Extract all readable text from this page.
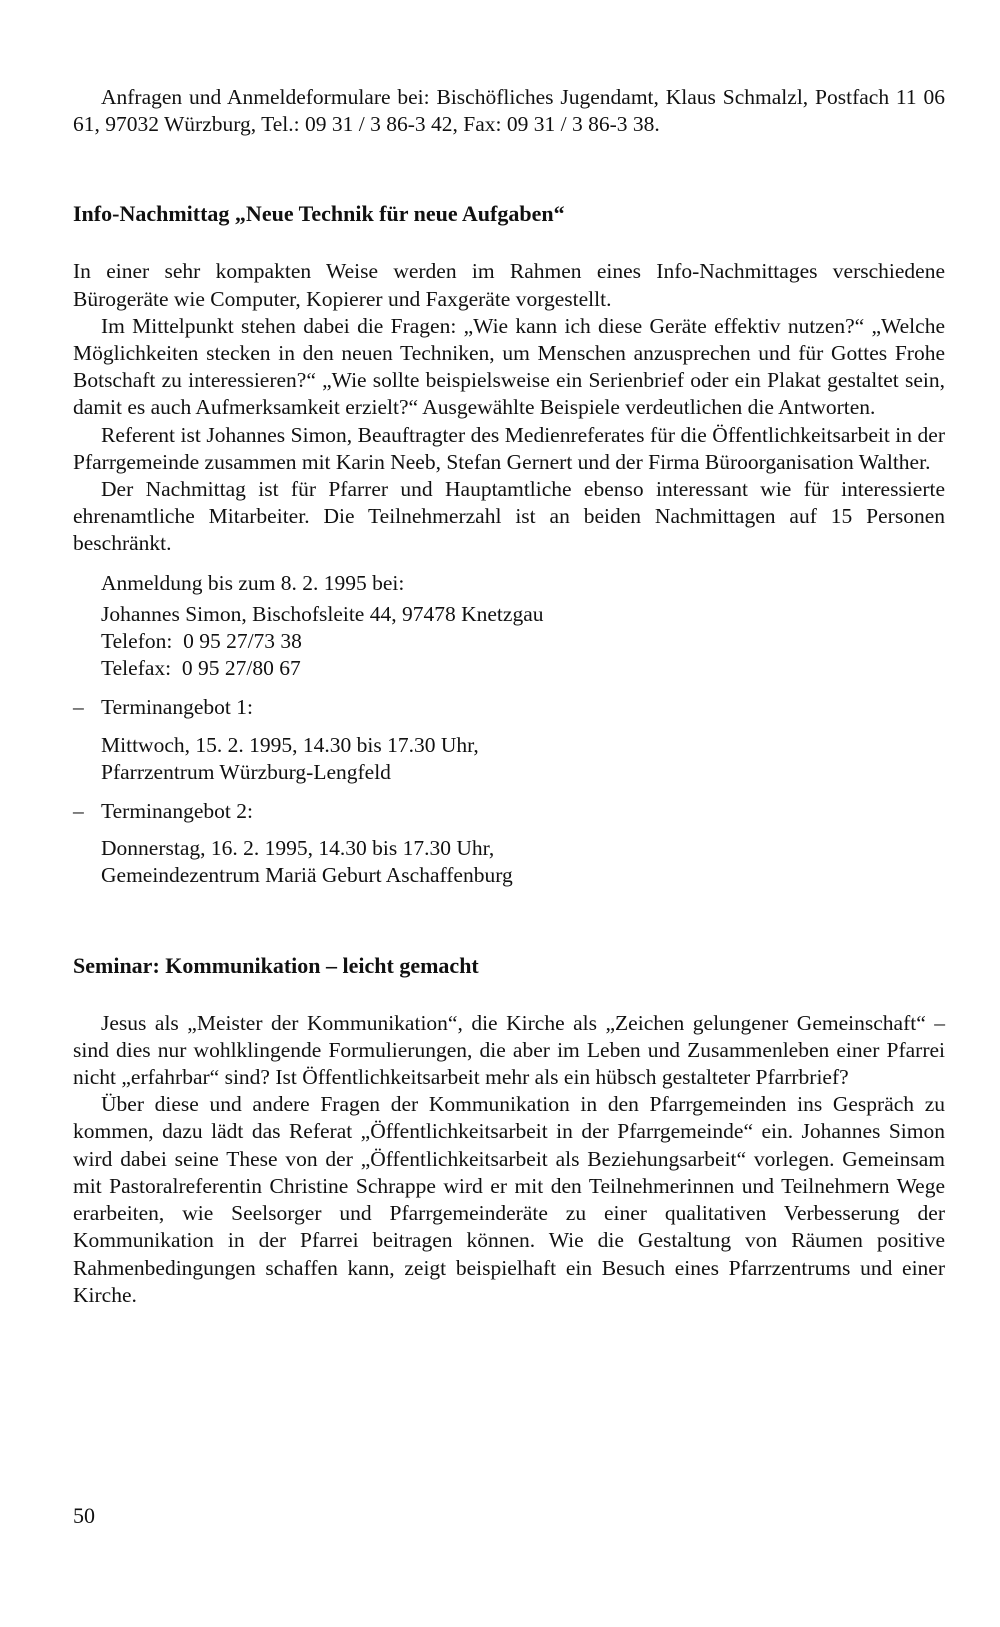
Anfragen und Anmeldeformulare bei: Bischöfliches Jugendamt, Klaus Schmalzl, Postfach 11 06 61, 97032 Würzburg, Tel.: 09 31 / 3 86-3 42, Fax: 09 31 / 3 86-3 38.

Info-Nachmittag „Neue Technik für neue Aufgaben“

In einer sehr kompakten Weise werden im Rahmen eines Info-Nachmittages verschiedene Bürogeräte wie Computer, Kopierer und Faxgeräte vorgestellt.

Im Mittelpunkt stehen dabei die Fragen: „Wie kann ich diese Geräte effektiv nutzen?“ „Welche Möglichkeiten stecken in den neuen Techniken, um Menschen anzusprechen und für Gottes Frohe Botschaft zu interessieren?“ „Wie sollte beispielsweise ein Serienbrief oder ein Plakat gestaltet sein, damit es auch Aufmerksamkeit erzielt?“ Ausgewählte Beispiele verdeutlichen die Antworten.

Referent ist Johannes Simon, Beauftragter des Medienreferates für die Öffentlichkeitsarbeit in der Pfarrgemeinde zusammen mit Karin Neeb, Stefan Gernert und der Firma Büroorganisation Walther.

Der Nachmittag ist für Pfarrer und Hauptamtliche ebenso interessant wie für interessierte ehrenamtliche Mitarbeiter. Die Teilnehmerzahl ist an beiden Nachmittagen auf 15 Personen beschränkt.

Anmeldung bis zum 8. 2. 1995 bei:
Johannes Simon, Bischofsleite 44, 97478 Knetzgau
Telefon:  0 95 27/73 38
Telefax:  0 95 27/80 67
– Terminangebot 1:
Mittwoch, 15. 2. 1995, 14.30 bis 17.30 Uhr,
Pfarrzentrum Würzburg-Lengfeld
– Terminangebot 2:
Donnerstag, 16. 2. 1995, 14.30 bis 17.30 Uhr,
Gemeindezentrum Mariä Geburt Aschaffenburg
Seminar: Kommunikation – leicht gemacht

Jesus als „Meister der Kommunikation“, die Kirche als „Zeichen gelungener Gemeinschaft“ – sind dies nur wohlklingende Formulierungen, die aber im Leben und Zusammenleben einer Pfarrei nicht „erfahrbar“ sind? Ist Öffentlichkeitsarbeit mehr als ein hübsch gestalteter Pfarrbrief?

Über diese und andere Fragen der Kommunikation in den Pfarrgemeinden ins Gespräch zu kommen, dazu lädt das Referat „Öffentlichkeitsarbeit in der Pfarrgemeinde“ ein. Johannes Simon wird dabei seine These von der „Öffentlichkeitsarbeit als Beziehungsarbeit“ vorlegen. Gemeinsam mit Pastoralreferentin Christine Schrappe wird er mit den Teilnehmerinnen und Teilnehmern Wege erarbeiten, wie Seelsorger und Pfarrgemeinderäte zu einer qualitativen Verbesserung der Kommunikation in der Pfarrei beitragen können. Wie die Gestaltung von Räumen positive Rahmenbedingungen schaffen kann, zeigt beispielhaft ein Besuch eines Pfarrzentrums und einer Kirche.

50
